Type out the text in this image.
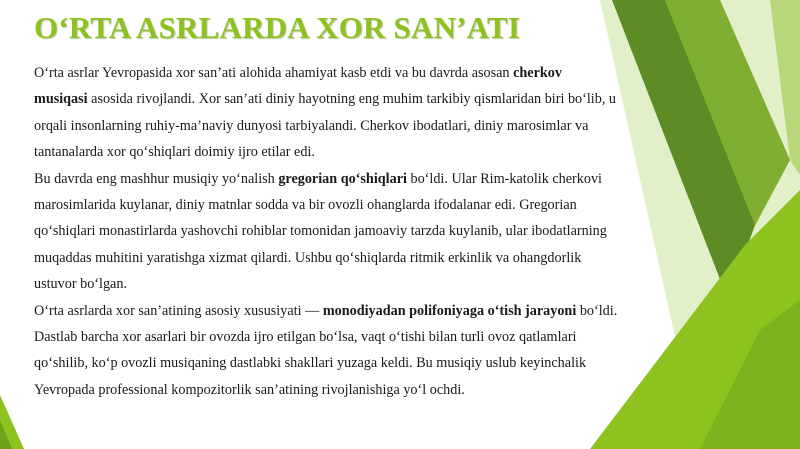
O‘RTA ASRLARDA XOR SAN’ATI

O‘rta asrlar Yevropasida xor san’ati alohida ahamiyat kasb etdi va bu davrda asosan cherkov musiqasi asosida rivojlandi. Xor san’ati diniy hayotning eng muhim tarkibiy qismlaridan biri bo‘lib, u orqali insonlarning ruhiy-ma’naviy dunyosi tarbiyalandi. Cherkov ibodatlari, diniy marosimlar va tantanalarda xor qo‘shiqlari doimiy ijro etilar edi.

Bu davrda eng mashhur musiqiy yo‘nalish gregorian qo‘shiqlari bo‘ldi. Ular Rim-katolik cherkovi marosimlarida kuylanar, diniy matnlar sodda va bir ovozli ohanglarda ifodalanar edi. Gregorian qo‘shiqlari monastirlarda yashovchi rohiblar tomonidan jamoaviy tarzda kuylanib, ular ibodatlarning muqaddas muhitini yaratishga xizmat qilardi. Ushbu qo‘shiqlarda ritmik erkinlik va ohangdorlik ustuvor bo‘lgan.

O‘rta asrlarda xor san’atining asosiy xususiyati — monodiyadan polifoniyaga o‘tish jarayoni bo‘ldi. Dastlab barcha xor asarlari bir ovozda ijro etilgan bo‘lsa, vaqt o‘tishi bilan turli ovoz qatlamlari qo‘shilib, ko‘p ovozli musiqaning dastlabki shakllari yuzaga keldi. Bu musiqiy uslub keyinchalik Yevropada professional kompozitorlik san’atining rivojlanishiga yo‘l ochdi.
